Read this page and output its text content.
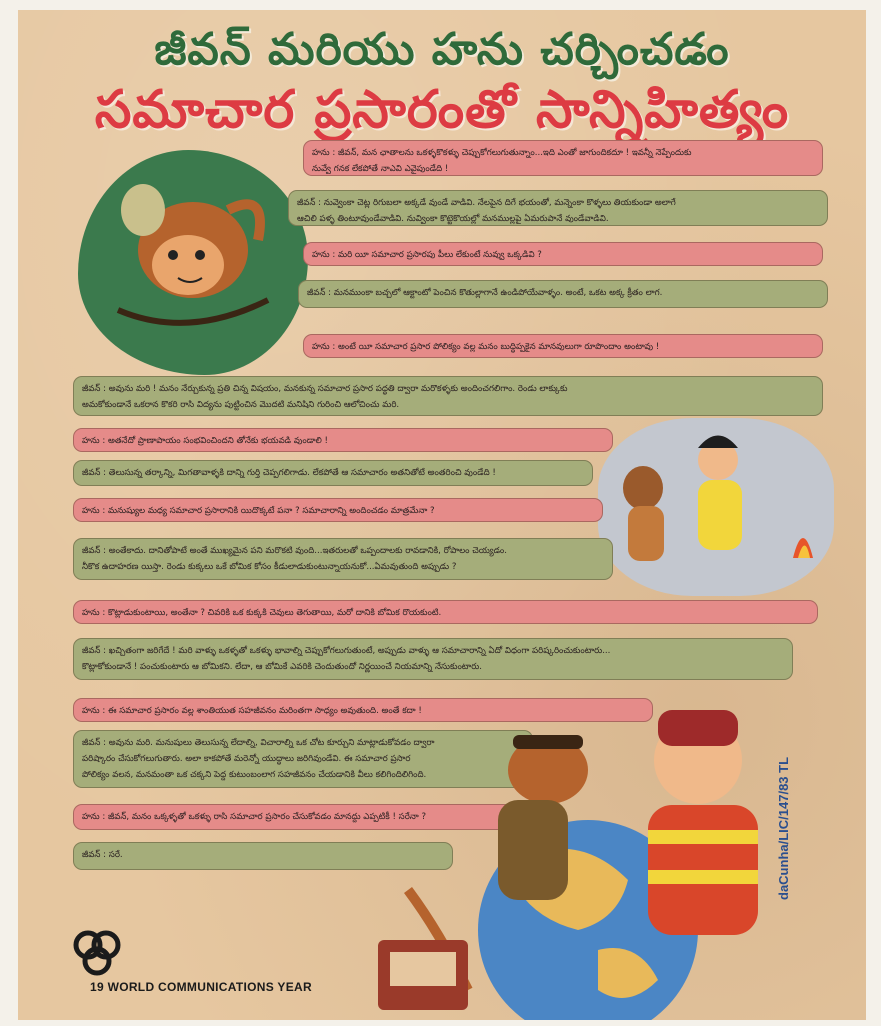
జీవన్ మరియు హను చర్చించడం
సమాచార ప్రసారంతో సాన్నిహిత్యం
హను : జీవన్, మన ఛాతాలను ఒకళ్ళకొకళ్ళు చెప్పుకోగలుగుతున్నాం...ఇది ఎంతో జాగుందికదూ ! ఇవన్నీ నెప్పేందుకు
నువ్వే గనక లేకపోతే నాఎవి ఎవైపుండేది !
జీవన్ : నువ్వెంకా చెట్ల రిగుబలా అక్కడే వుండే వాడివి. నేలపైన దిగే భయంతో, మన్నెంకా కొళ్ళలు తియకుండా అలాగే
ఆచిలి పళ్ళ తింటూవుండేవాడివి. నువ్వింకా కొట్టెకొయల్లో మనముల్లపై ఏమరుపానే వుండేవాడివి.
హను : మరి యీ సమాచార ప్రసారపు పీలు లేకుంటే నువ్వు ఒక్కడివి ?
జీవన్ : మనముంకా బచ్చలో ఆక్టాంటో పెంచిన కొతుల్లాగానే ఉండిపోయేవాళ్ళం. అంటే, ఒకట అక్క క్రీతం లాగ.
హను : అంటే యీ సమాచార ప్రసార పోలిక్యం వల్ల మనం బుద్ధిప్పకైన మానవులుగా రూపొందాం అంటావు !
జీవన్ : అవును మరి ! మనం నేర్చుకున్న ప్రతి చిన్న విషయం, మనకున్న సమాచార ప్రసార పద్ధతి ద్వారా మరొకళ్ళకు అందించగలిగాం. రెండు లాక్కుకు
అమకోకుండానే ఒకరాన కొకరి రాసి విద్యను పుట్టించిన మొదటి మనిషిని గురించి ఆలోచించు మరి.
హను : అతనేదో ప్రాణాపాయం సంభవించిందని తోనేకు భయవడి వుండాలి !
జీవన్ : తెలుసున్న తర్కాన్ని, మిగతావాళ్ళకి దాన్ని గుర్తి చెప్పగలిగాడు. లేకపోతే ఆ సమాచారం అతనితోటే అంతరించి వుండేది !
హను : మనుష్యుల మధ్య సమాచార ప్రసారానికి యిదొక్కటే పనా ? సమాచారాన్ని అందించడం మాత్రమేనా ?
జీవన్ : అంతేకాదు. దానితోపాటే అంతే ముఖ్యమైన పని మరొకటి వుంది...ఇతరులతో ఒప్పందాలకు రావడానికి, రోపాలం చెయ్యడం.
నీకొక ఉదాహరణ యిస్తా. రెండు కుక్కలు ఒకే బోమిక కోసం కీడులాడుకుంటున్నాయనుకో...ఏమవుతుంది అప్పుడు ?
హను : కొట్లాడుకుంటాయి, అంతేనా ? చివరికి ఒక కుక్కకి చెవులు తెగుతాయి, మరో దానికి బోమిక రొయకుంటి.
జీవన్ : ఖచ్చితంగా జరిగేదే ! మరి వాళ్ళు ఒకళ్ళతో ఒకళ్ళు భావాల్ని చెప్పుకోగలుగుతుంటే, అప్పుడు వాళ్ళు ఆ సమాచారాన్ని ఏదో విధంగా పరిష్కరించుకుంటారు...
కొట్లాకోకుండానే ! పంచుకుంటారు ఆ బోమికని. లేదా, ఆ బోమికే ఎవరికి చెందుతుందో నిర్ణయించే నియమాన్ని నేసుకుంటారు.
హను : ఈ సమాచార ప్రసారం వల్ల శాంతియుత సహజీవనం మరింతగా సాధ్యం అవుతుంది. అంతే కదా !
జీవన్ : అవును మరి. మనుషులు తెలుసున్న లేదాల్ని, విచారాల్ని ఒక చోట కూర్చుని మాట్లాడుకోవడం ద్వారా
పరిష్కారం చేసుకోగలుగుతారు. అలా కాకపోతే మరెన్నో యుద్ధాలు జరిగివుండేవి. ఈ సమాచార ప్రసార
పోలిక్యం వలన, మనమంతా ఒక చక్కని పెద్ద కుటుంబంలాగ సహజీవనం చేయడానికి వీలు కలిగిందిలిగింది.
హను : జీవన్, మనం ఒక్కళ్ళతో ఒకళ్ళు రాసి సమాచార ప్రసారం చేసుకోవడం మానద్దు ఎప్పటికీ ! సరేనా ?
జీవన్ : సరే.
19 WORLD COMMUNICATIONS YEAR
daCunha/LIC/147/83 TL
